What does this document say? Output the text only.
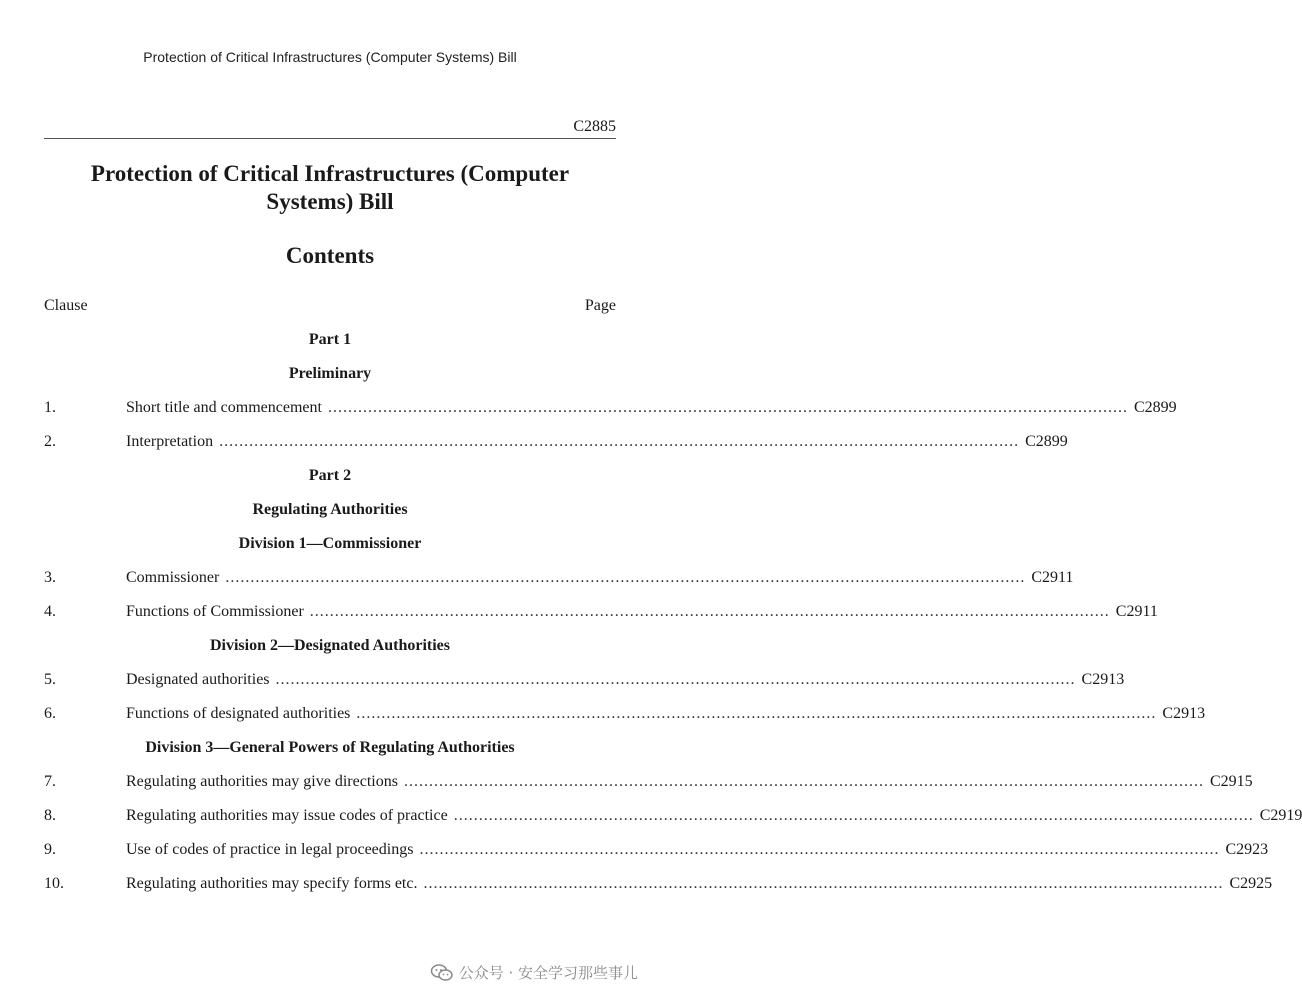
Protection of Critical Infrastructures (Computer Systems) Bill
C2885
Protection of Critical Infrastructures (Computer
Systems) Bill
Contents
Clause	Page
Part 1
Preliminary
1.	Short title and commencement ................................................................................................................................................................ C2899
2.	Interpretation ................................................................................................................................................................ C2899
Part 2
Regulating Authorities
Division 1—Commissioner
3.	Commissioner ................................................................................................................................................................ C2911
4.	Functions of Commissioner ................................................................................................................................................................ C2911
Division 2—Designated Authorities
5.	Designated authorities ................................................................................................................................................................ C2913
6.	Functions of designated authorities ................................................................................................................................................................ C2913
Division 3—General Powers of Regulating Authorities
7.	Regulating authorities may give directions ................................................................................................................................................................ C2915
8.	Regulating authorities may issue codes of practice ................................................................................................................................................................ C2919
9.	Use of codes of practice in legal proceedings ................................................................................................................................................................ C2923
10.	Regulating authorities may specify forms etc. ................................................................................................................................................................ C2925
公众号 · 安全学习那些事儿
